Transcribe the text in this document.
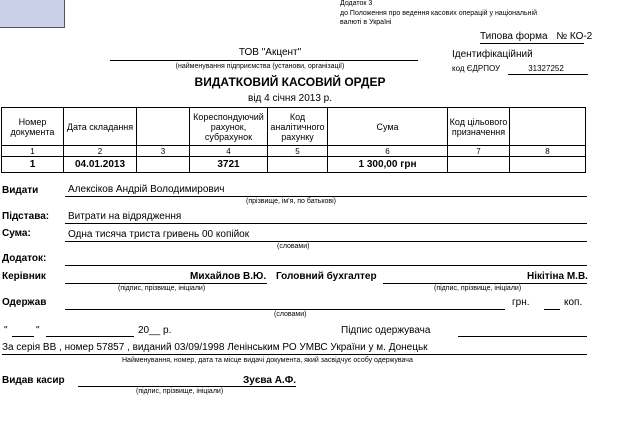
Додаток 3
до Положення про ведення касових операцій у національній
валюті в Україні
Типова форма № КО-2
ТОВ "Акцент"
(найменування підприємства (установи, організації)
Ідентифікаційний
код ЄДРПОУ	31327252
ВИДАТКОВИЙ КАСОВИЙ ОРДЕР
від 4 січня 2013 р.
Номер документа	Дата складання		Кореспондуючий рахунок, субрахунок	Код аналітичного рахунку	Сума	Код цільового призначення	
1	2	3	4	5	6	7	8
1	04.01.2013		3721		1 300,00 грн		
Видати	Алексіков Андрій Володимирович
(прізвище, ім'я, по батькові)
Підстава: Витрати на відрядження
Сума:	Одна тисяча триста гривень 00 копійок
(словами)
Додаток:
Керівник	Михайлов В.Ю.
(підпис, прізвище, ініціали)
Головний бухгалтер	Нікітіна М.В.
(підпис, прізвище, ініціали)
Одержав	грн.	коп.
(словами)
"	"	20__ р.	Підпис одержувача
За серія ВВ , номер 57857 , виданий 03/09/1998 Ленінським РО УМВС України у м. Донецьк
Найменування, номер, дата та місце видачі документа, який засвідчує особу одержувача
Видав касир	Зуєва А.Ф.
(підпис, прізвище, ініціали)
